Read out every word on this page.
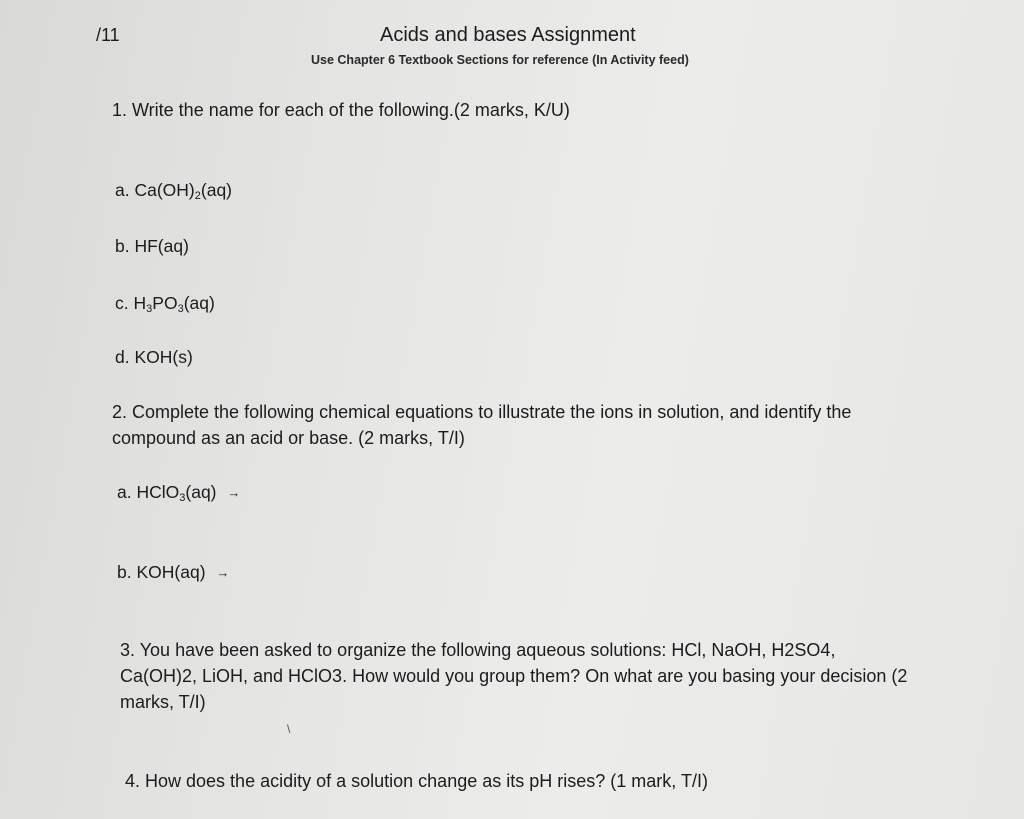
/11	Acids and bases Assignment
Use Chapter 6 Textbook Sections for reference (In Activity feed)
1. Write the name for each of the following.(2 marks, K/U)
a. $Ca(OH)_2(aq)$
b. HF(aq)
c. $H_3PO_3(aq)$
d. KOH(s)
2. Complete the following chemical equations to illustrate the ions in solution, and identify the compound as an acid or base. (2 marks, T/I)
a. HClO$_3$(aq) →
b. KOH(aq) →
3. You have been asked to organize the following aqueous solutions: HCl, NaOH, H2SO4, Ca(OH)2, LiOH, and HClO3. How would you group them? On what are you basing your decision (2 marks, T/I)
\
4. How does the acidity of a solution change as its pH rises? (1 mark, T/I)
